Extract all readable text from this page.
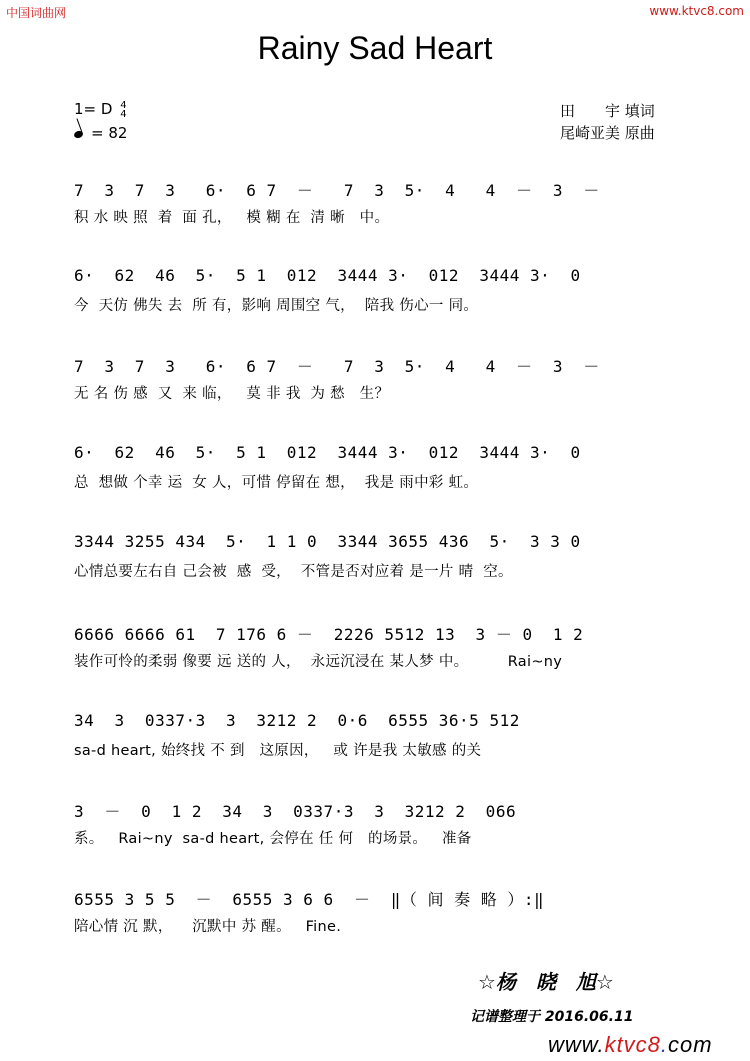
中国词曲网	www.ktvc8.com
Rainy Sad Heart
1= D 4
4
= 82
田　　宇 填词
尾崎亚美 原曲
7  3  7  3   6·  6 7  －   7  3  5·  4   4  －  3  －
积 水 映 照  着  面 孔，   模 糊 在  清 晰   中。
6·  62  46  5·  5 1  012  3444 3·  012  3444 3·  0
今  天仿 佛失 去  所 有，影响 周围空 气，  陪我 伤心一 同。
7  3  7  3   6·  6 7  －   7  3  5·  4   4  －  3  －
无 名 伤 感  又  来 临，   莫 非 我  为 愁   生？
6·  62  46  5·  5 1  012  3444 3·  012  3444 3·  0
总  想做 个幸 运  女 人，可惜 停留在 想，  我是 雨中彩 虹。
3344 3255 434  5·  1 1 0  3344 3655 436  5·  3 3 0
心情总要左右自 己会被  感  受，  不管是否对应着 是一片 晴  空。
6666 6666 61  7 176 6 －  2226 5512 13  3 － 0  1 2
装作可怜的柔弱 像要 远 送的 人，  永远沉浸在 某人梦 中。        Rai~ny
34  3  0337·3  3  3212 2  0·6  6555 36·5 512
sa-d heart, 始终找 不 到   这原因，   或 许是我 太敏感 的关
3  －  0  1 2  34  3  0337·3  3  3212 2  066
系。   Rai~ny  sa-d heart, 会停在 任 何   的场景。   准备
6555 3 5 5  －  6555 3 6 6  －  ‖（ 间 奏 略 ）:‖
陪心情 沉 默，    沉默中 苏 醒。   Fine.
☆杨　晓　旭☆
记谱整理于 2016.06.11
www.ktvc8.com
